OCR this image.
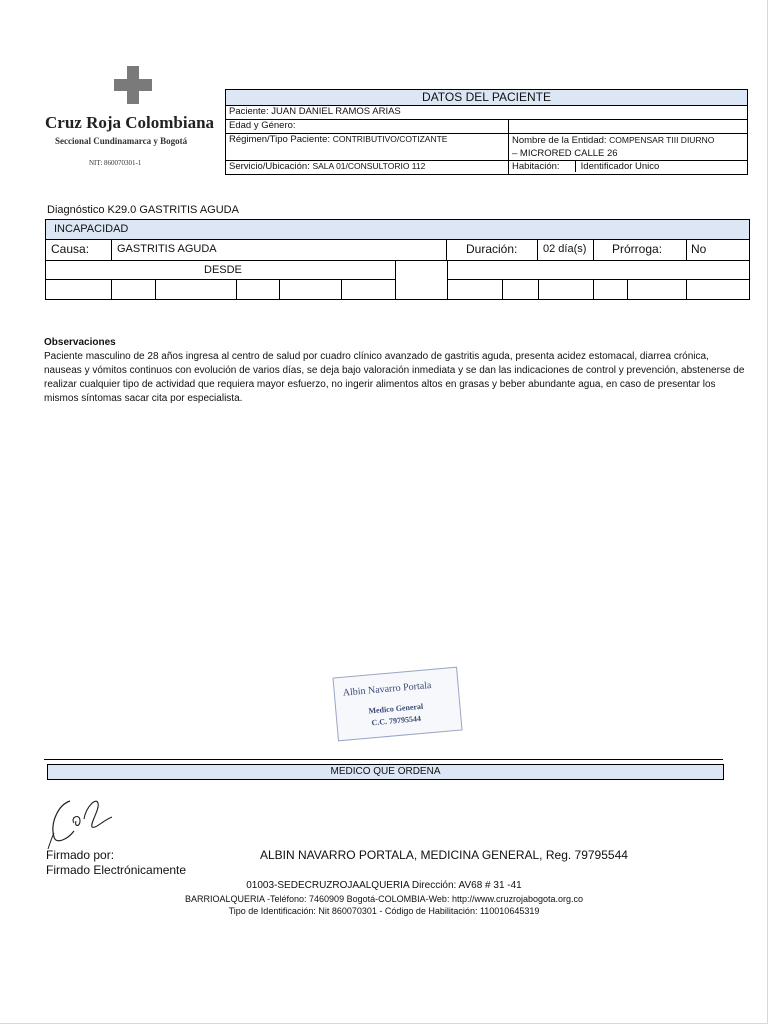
Cruz Roja Colombiana
Seccional Cundinamarca y Bogotá
NIT: 860070301-1
DATOS DEL PACIENTE	
Paciente: JUAN DANIEL RAMOS ARIAS	
Edad y Género:	
Régimen/Tipo Paciente: CONTRIBUTIVO/COTIZANTE	Nombre de la Entidad: COMPENSAR TIII DIURNO
– MICRORED CALLE 26
Servicio/Ubicación: SALA 01/CONSULTORIO 112	Habitación: Identificador Unico
Diagnóstico K29.0 GASTRITIS AGUDA
INCAPACIDAD
Causa:	GASTRITIS AGUDA	Duración: 02 día(s) Prórroga: No
DESDE
Observaciones
Paciente masculino de 28 años ingresa al centro de salud por cuadro clínico avanzado de gastritis aguda, presenta acidez estomacal, diarrea crónica, nauseas y vómitos continuos con evolución de varios días, se deja bajo valoración inmediata y se dan las indicaciones de control y prevención, abstenerse de realizar cualquier tipo de actividad que requiera mayor esfuerzo, no ingerir alimentos altos en grasas y beber abundante agua, en caso de presentar los mismos síntomas sacar cita por especialista.
Albin Navarro Portala
Medico General
C.C. 79795544
MEDICO QUE ORDENA
Firmado por:
Firmado Electrónicamente
ALBIN NAVARRO PORTALA, MEDICINA GENERAL, Reg. 79795544
01003-SEDECRUZROJAALQUERIA Dirección: AV68 # 31 -41
BARRIOALQUERIA -Teléfono: 7460909 Bogotá-COLOMBIA-Web: http://www.cruzrojabogota.org.co
Tipo de Identificación: Nit 860070301 - Código de Habilitación: 110010645319
